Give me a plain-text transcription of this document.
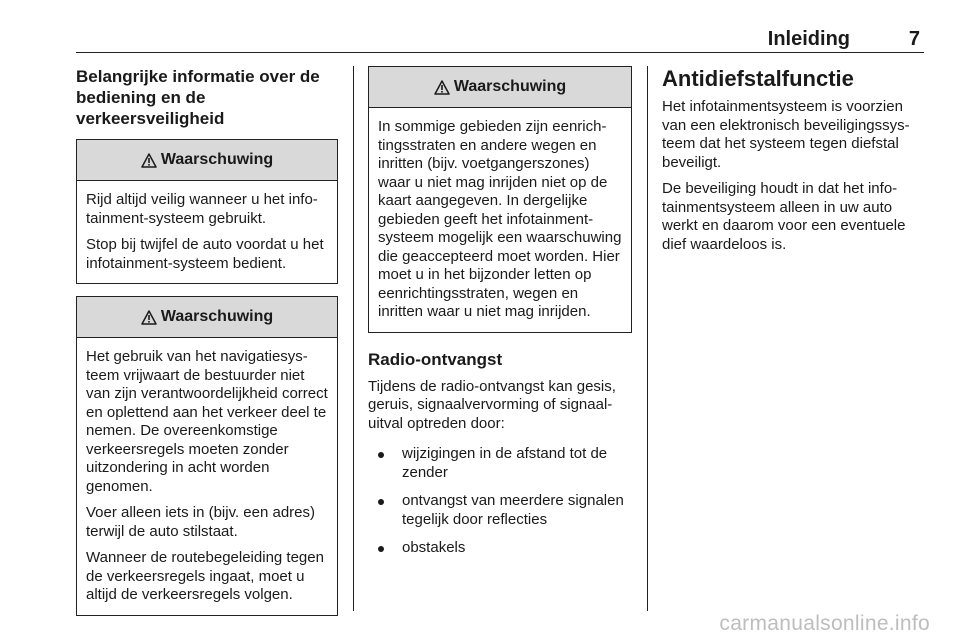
Inleiding	7
Belangrijke informatie over de bediening en de verkeersveiligheid
Waarschuwing

Rijd altijd veilig wanneer u het infotainment-systeem gebruikt.

Stop bij twijfel de auto voordat u het infotainment-systeem bedient.

Waarschuwing

Het gebruik van het navigatiesysteem vrijwaart de bestuurder niet van zijn verantwoordelijkheid correct en oplettend aan het verkeer deel te nemen. De overeenkomstige verkeersregels moeten zonder uitzondering in acht worden genomen.

Voer alleen iets in (bijv. een adres) terwijl de auto stilstaat.

Wanneer de routebegeleiding tegen de verkeersregels ingaat, moet u altijd de verkeersregels volgen.

Waarschuwing

In sommige gebieden zijn eenrichtingsstraten en andere wegen en inritten (bijv. voetgangerszones) waar u niet mag inrijden niet op de kaart aangegeven. In dergelijke gebieden geeft het infotainmentsysteem mogelijk een waarschuwing die geaccepteerd moet worden. Hier moet u in het bijzonder letten op eenrichtingsstraten, wegen en inritten waar u niet mag inrijden.

Radio-ontvangst

Tijdens de radio-ontvangst kan gesis, geruis, signaalvervorming of signaaluitval optreden door:

wijzigingen in de afstand tot de zender
ontvangst van meerdere signalen tegelijk door reflecties
obstakels
Antidiefstalfunctie

Het infotainmentsysteem is voorzien van een elektronisch beveiligingssysteem dat het systeem tegen diefstal beveiligt.

De beveiliging houdt in dat het infotainmentsysteem alleen in uw auto werkt en daarom voor een eventuele dief waardeloos is.

carmanualsonline.info
